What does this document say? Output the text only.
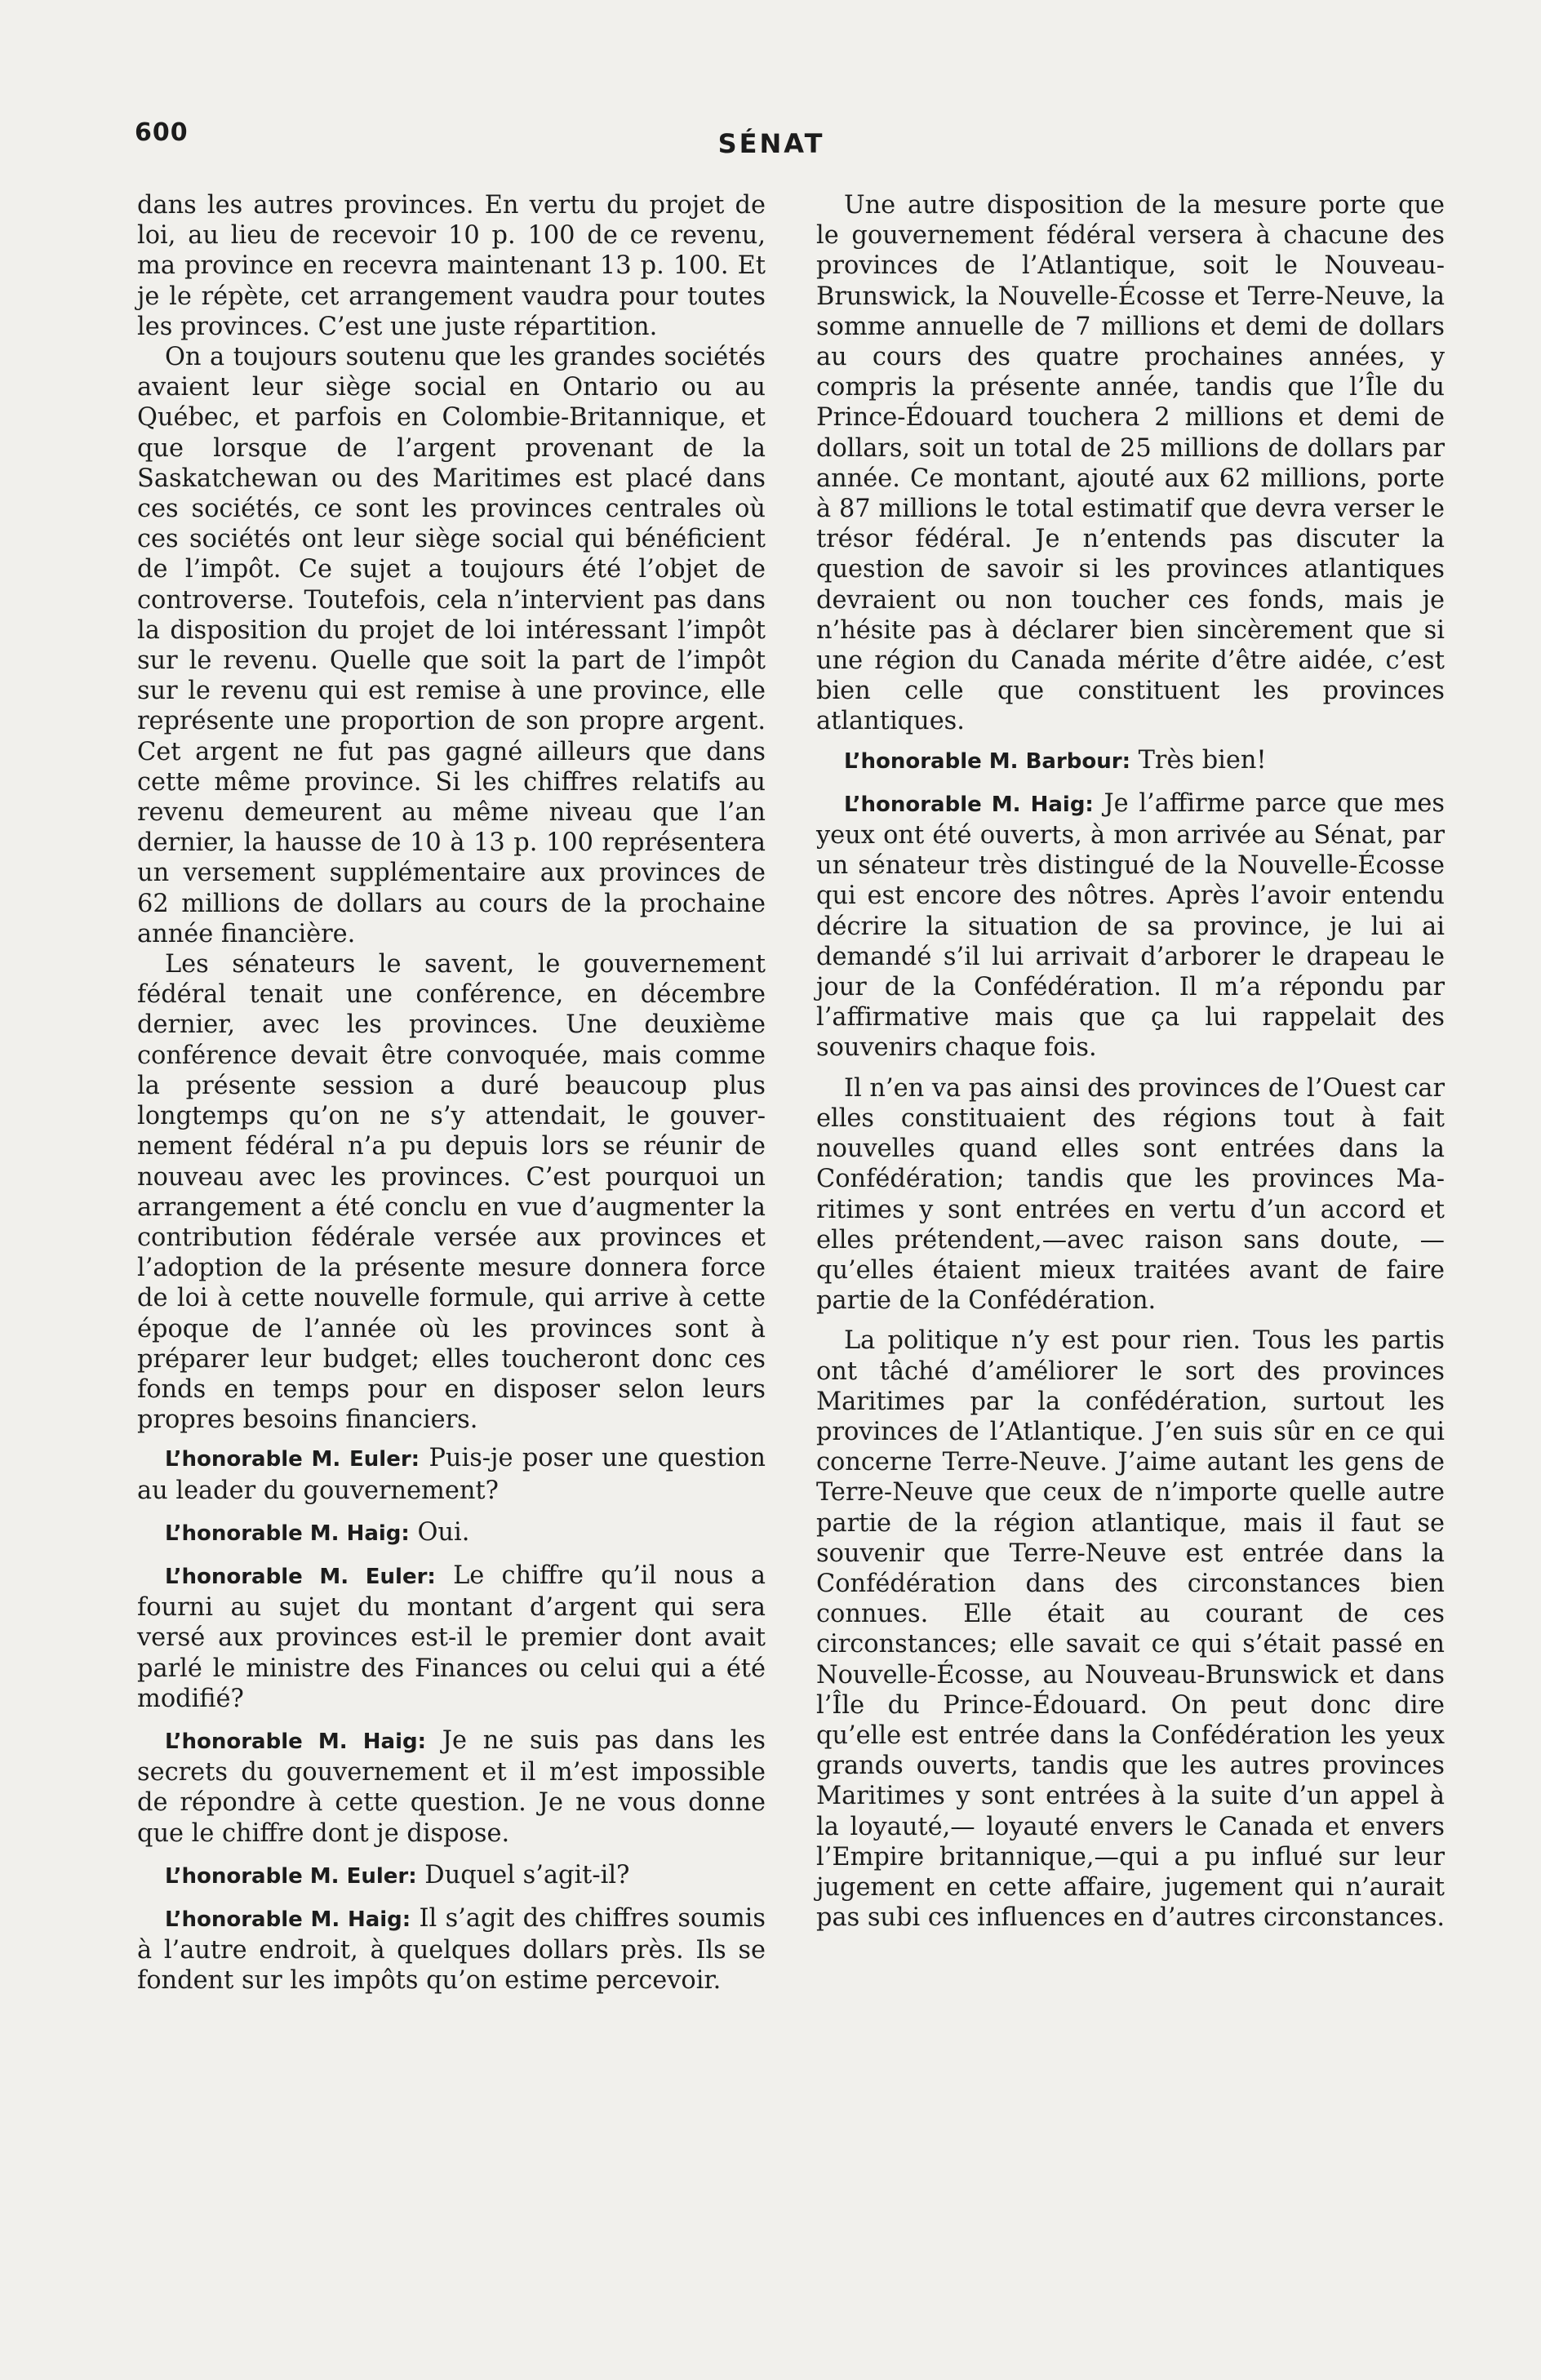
600	SÉNAT

dans les autres provinces. En vertu du projet de loi, au lieu de recevoir 10 p. 100 de ce revenu, ma province en recevra maintenant 13 p. 100. Et je le répète, cet arrangement vaudra pour toutes les provinces. C’est une juste répartition.

On a toujours soutenu que les grandes sociétés avaient leur siège social en Ontario ou au Québec, et parfois en Colombie-Britannique, et que lorsque de l’argent provenant de la Saskatchewan ou des Maritimes est placé dans ces sociétés, ce sont les provinces centrales où ces sociétés ont leur siège social qui bénéficient de l’impôt. Ce sujet a toujours été l’objet de controverse. Toutefois, cela n’intervient pas dans la disposition du projet de loi intéressant l’impôt sur le revenu. Quelle que soit la part de l’impôt sur le revenu qui est remise à une province, elle représente une proportion de son propre argent. Cet argent ne fut pas gagné ailleurs que dans cette même province. Si les chiffres relatifs au revenu demeurent au même niveau que l’an dernier, la hausse de 10 à 13 p. 100 représentera un versement supplémentaire aux provinces de 62 millions de dollars au cours de la prochaine année financière.

Les sénateurs le savent, le gouvernement fédéral tenait une conférence, en décembre dernier, avec les provinces. Une deuxième conférence devait être convoquée, mais comme la présente session a duré beaucoup plus longtemps qu’on ne s’y attendait, le gouvernement fédéral n’a pu depuis lors se réunir de nouveau avec les provinces. C’est pourquoi un arrangement a été conclu en vue d’augmenter la contribution fédérale versée aux provinces et l’adoption de la présente mesure donnera force de loi à cette nouvelle formule, qui arrive à cette époque de l’année où les provinces sont à préparer leur budget; elles toucheront donc ces fonds en temps pour en disposer selon leurs propres besoins financiers.

L’honorable M. Euler: Puis-je poser une question au leader du gouvernement?

L’honorable M. Haig: Oui.

L’honorable M. Euler: Le chiffre qu’il nous a fourni au sujet du montant d’argent qui sera versé aux provinces est-il le premier dont avait parlé le ministre des Finances ou celui qui a été modifié?

L’honorable M. Haig: Je ne suis pas dans les secrets du gouvernement et il m’est impossible de répondre à cette question. Je ne vous donne que le chiffre dont je dispose.

L’honorable M. Euler: Duquel s’agit-il?

L’honorable M. Haig: Il s’agit des chiffres soumis à l’autre endroit, à quelques dollars près. Ils se fondent sur les impôts qu’on estime percevoir.

Une autre disposition de la mesure porte que le gouvernement fédéral versera à chacune des provinces de l’Atlantique, soit le Nouveau-Brunswick, la Nouvelle-Écosse et Terre-Neuve, la somme annuelle de 7 millions et demi de dollars au cours des quatre prochaines années, y compris la présente année, tandis que l’Île du Prince-Édouard touchera 2 millions et demi de dollars, soit un total de 25 millions de dollars par année. Ce montant, ajouté aux 62 millions, porte à 87 millions le total estimatif que devra verser le trésor fédéral. Je n’entends pas discuter la question de savoir si les provinces atlantiques devraient ou non toucher ces fonds, mais je n’hésite pas à déclarer bien sincèrement que si une région du Canada mérite d’être aidée, c’est bien celle que constituent les provinces atlantiques.

L’honorable M. Barbour: Très bien!

L’honorable M. Haig: Je l’affirme parce que mes yeux ont été ouverts, à mon arrivée au Sénat, par un sénateur très distingué de la Nouvelle-Écosse qui est encore des nôtres. Après l’avoir entendu décrire la situation de sa province, je lui ai demandé s’il lui arrivait d’arborer le drapeau le jour de la Confédération. Il m’a répondu par l’affirmative mais que ça lui rappelait des souvenirs chaque fois.

Il n’en va pas ainsi des provinces de l’Ouest car elles constituaient des régions tout à fait nouvelles quand elles sont entrées dans la Confédération; tandis que les provinces Maritimes y sont entrées en vertu d’un accord et elles prétendent,—avec raison sans doute, —qu’elles étaient mieux traitées avant de faire partie de la Confédération.

La politique n’y est pour rien. Tous les partis ont tâché d’améliorer le sort des provinces Maritimes par la confédération, surtout les provinces de l’Atlantique. J’en suis sûr en ce qui concerne Terre-Neuve. J’aime autant les gens de Terre-Neuve que ceux de n’importe quelle autre partie de la région atlantique, mais il faut se souvenir que Terre-Neuve est entrée dans la Confédération dans des circonstances bien connues. Elle était au courant de ces circonstances; elle savait ce qui s’était passé en Nouvelle-Écosse, au Nouveau-Brunswick et dans l’Île du Prince-Édouard. On peut donc dire qu’elle est entrée dans la Confédération les yeux grands ouverts, tandis que les autres provinces Maritimes y sont entrées à la suite d’un appel à la loyauté,— loyauté envers le Canada et envers l’Empire britannique,—qui a pu influé sur leur jugement en cette affaire, jugement qui n’aurait pas subi ces influences en d’autres circonstances.
